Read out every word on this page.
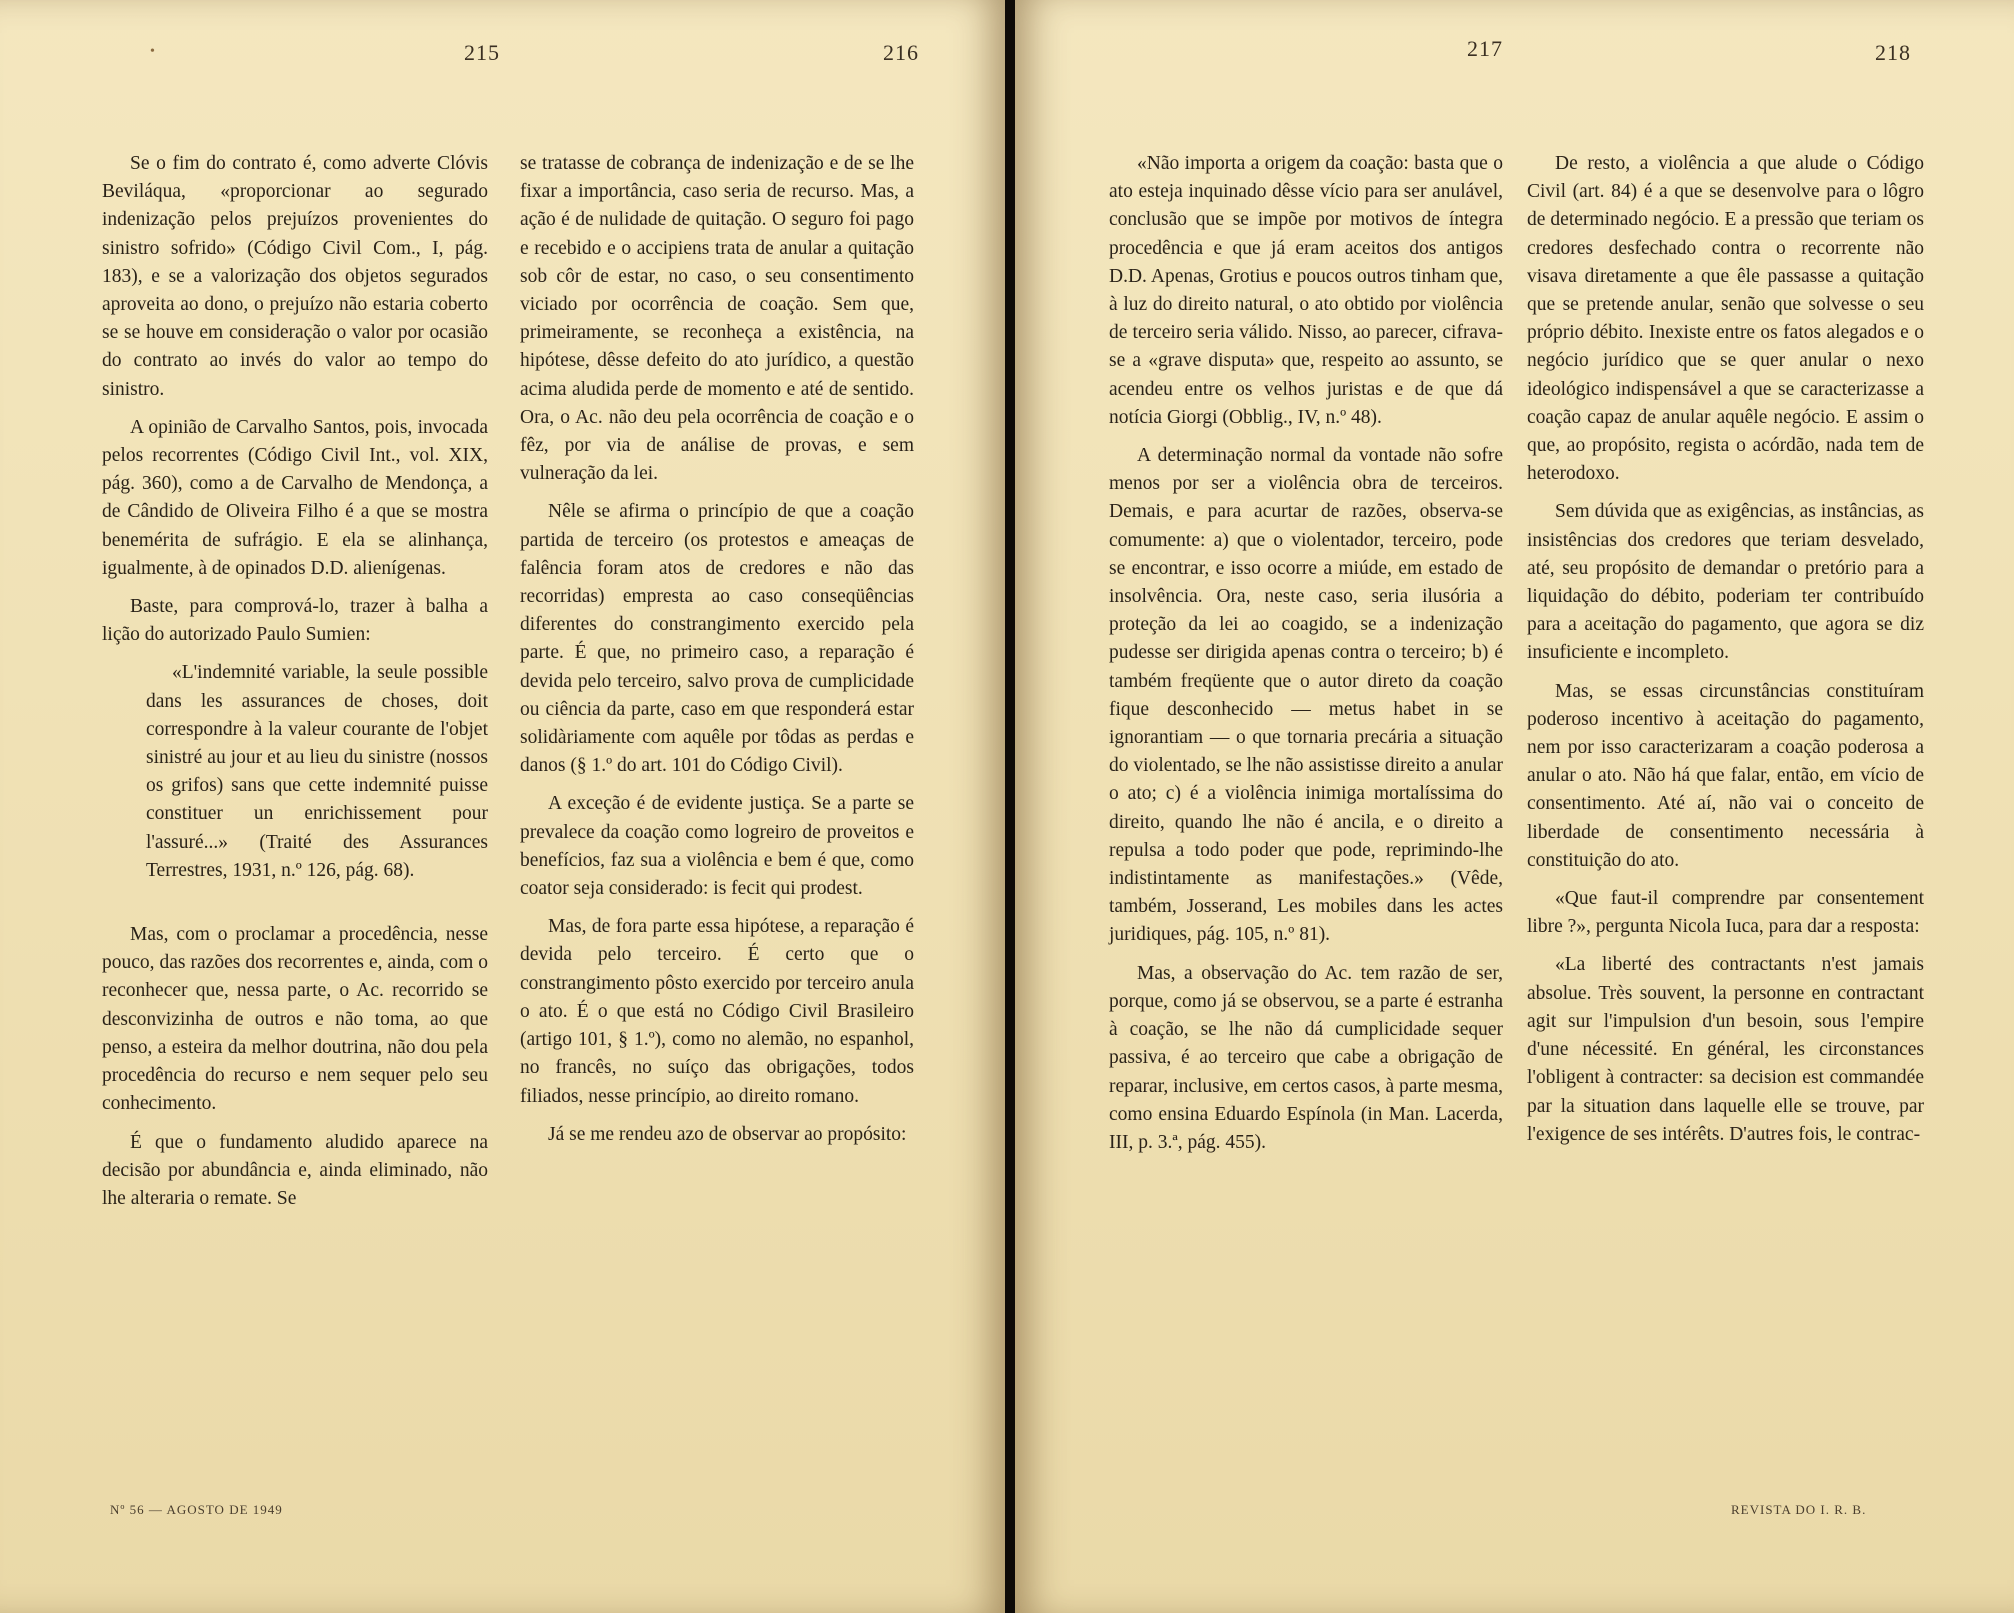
•	215	216

Se o fim do contrato é, como adverte Clóvis Beviláqua, «proporcionar ao segurado indenização pelos prejuízos provenientes do sinistro sofrido» (Código Civil Com., I, pág. 183), e se a valorização dos objetos segurados aproveita ao dono, o prejuízo não estaria coberto se se houve em consideração o valor por ocasião do contrato ao invés do valor ao tempo do sinistro.

A opinião de Carvalho Santos, pois, invocada pelos recorrentes (Código Civil Int., vol. XIX, pág. 360), como a de Carvalho de Mendonça, a de Cândido de Oliveira Filho é a que se mostra benemérita de sufrágio. E ela se alinhança, igualmente, à de opinados D.D. alienígenas.

Baste, para comprová-lo, trazer à balha a lição do autorizado Paulo Sumien:

«L'indemnité variable, la seule possible dans les assurances de choses, doit correspondre à la valeur courante de l'objet sinistré au jour et au lieu du sinistre (nossos os grifos) sans que cette indemnité puisse constituer un enrichissement pour l'assuré...» (Traité des Assurances Terrestres, 1931, n.º 126, pág. 68).

Mas, com o proclamar a procedência, nesse pouco, das razões dos recorrentes e, ainda, com o reconhecer que, nessa parte, o Ac. recorrido se desconvizinha de outros e não toma, ao que penso, a esteira da melhor doutrina, não dou pela procedência do recurso e nem sequer pelo seu conhecimento.

É que o fundamento aludido aparece na decisão por abundância e, ainda eliminado, não lhe alteraria o remate. Se

se tratasse de cobrança de indenização e de se lhe fixar a importância, caso seria de recurso. Mas, a ação é de nulidade de quitação. O seguro foi pago e recebido e o accipiens trata de anular a quitação sob côr de estar, no caso, o seu consentimento viciado por ocorrência de coação. Sem que, primeiramente, se reconheça a existência, na hipótese, dêsse defeito do ato jurídico, a questão acima aludida perde de momento e até de sentido. Ora, o Ac. não deu pela ocorrência de coação e o fêz, por via de análise de provas, e sem vulneração da lei.

Nêle se afirma o princípio de que a coação partida de terceiro (os protestos e ameaças de falência foram atos de credores e não das recorridas) empresta ao caso conseqüências diferentes do constrangimento exercido pela parte. É que, no primeiro caso, a reparação é devida pelo terceiro, salvo prova de cumplicidade ou ciência da parte, caso em que responderá estar solidàriamente com aquêle por tôdas as perdas e danos (§ 1.º do art. 101 do Código Civil).

A exceção é de evidente justiça. Se a parte se prevalece da coação como logreiro de proveitos e benefícios, faz sua a violência e bem é que, como coator seja considerado: is fecit qui prodest.

Mas, de fora parte essa hipótese, a reparação é devida pelo terceiro. É certo que o constrangimento pôsto exercido por terceiro anula o ato. É o que está no Código Civil Brasileiro (artigo 101, § 1.º), como no alemão, no espanhol, no francês, no suíço das obrigações, todos filiados, nesse princípio, ao direito romano.

Já se me rendeu azo de observar ao propósito:

Nº 56 — AGOSTO DE 1949
217	218

«Não importa a origem da coação: basta que o ato esteja inquinado dêsse vício para ser anulável, conclusão que se impõe por motivos de íntegra procedência e que já eram aceitos dos antigos D.D. Apenas, Grotius e poucos outros tinham que, à luz do direito natural, o ato obtido por violência de terceiro seria válido. Nisso, ao parecer, cifrava-se a «grave disputa» que, respeito ao assunto, se acendeu entre os velhos juristas e de que dá notícia Giorgi (Obblig., IV, n.º 48).

A determinação normal da vontade não sofre menos por ser a violência obra de terceiros. Demais, e para acurtar de razões, observa-se comumente: a) que o violentador, terceiro, pode se encontrar, e isso ocorre a miúde, em estado de insolvência. Ora, neste caso, seria ilusória a proteção da lei ao coagido, se a indenização pudesse ser dirigida apenas contra o terceiro; b) é também freqüente que o autor direto da coação fique desconhecido — metus habet in se ignorantiam — o que tornaria precária a situação do violentado, se lhe não assistisse direito a anular o ato; c) é a violência inimiga mortalíssima do direito, quando lhe não é ancila, e o direito a repulsa a todo poder que pode, reprimindo-lhe indistintamente as manifestações.» (Vêde, também, Josserand, Les mobiles dans les actes juridiques, pág. 105, n.º 81).

Mas, a observação do Ac. tem razão de ser, porque, como já se observou, se a parte é estranha à coação, se lhe não dá cumplicidade sequer passiva, é ao terceiro que cabe a obrigação de reparar, inclusive, em certos casos, à parte mesma, como ensina Eduardo Espínola (in Man. Lacerda, III, p. 3.ª, pág. 455).

De resto, a violência a que alude o Código Civil (art. 84) é a que se desenvolve para o lôgro de determinado negócio. E a pressão que teriam os credores desfechado contra o recorrente não visava diretamente a que êle passasse a quitação que se pretende anular, senão que solvesse o seu próprio débito. Inexiste entre os fatos alegados e o negócio jurídico que se quer anular o nexo ideológico indispensável a que se caracterizasse a coação capaz de anular aquêle negócio. E assim o que, ao propósito, regista o acórdão, nada tem de heterodoxo.

Sem dúvida que as exigências, as instâncias, as insistências dos credores que teriam desvelado, até, seu propósito de demandar o pretório para a liquidação do débito, poderiam ter contribuído para a aceitação do pagamento, que agora se diz insuficiente e incompleto.

Mas, se essas circunstâncias constituíram poderoso incentivo à aceitação do pagamento, nem por isso caracterizaram a coação poderosa a anular o ato. Não há que falar, então, em vício de consentimento. Até aí, não vai o conceito de liberdade de consentimento necessária à constituição do ato.

«Que faut-il comprendre par consentement libre ?», pergunta Nicola Iuca, para dar a resposta:

«La liberté des contractants n'est jamais absolue. Très souvent, la personne en contractant agit sur l'impulsion d'un besoin, sous l'empire d'une nécessité. En général, les circonstances l'obligent à contracter: sa decision est commandée par la situation dans laquelle elle se trouve, par l'exigence de ses intérêts. D'autres fois, le contrac-

REVISTA DO I. R. B.
